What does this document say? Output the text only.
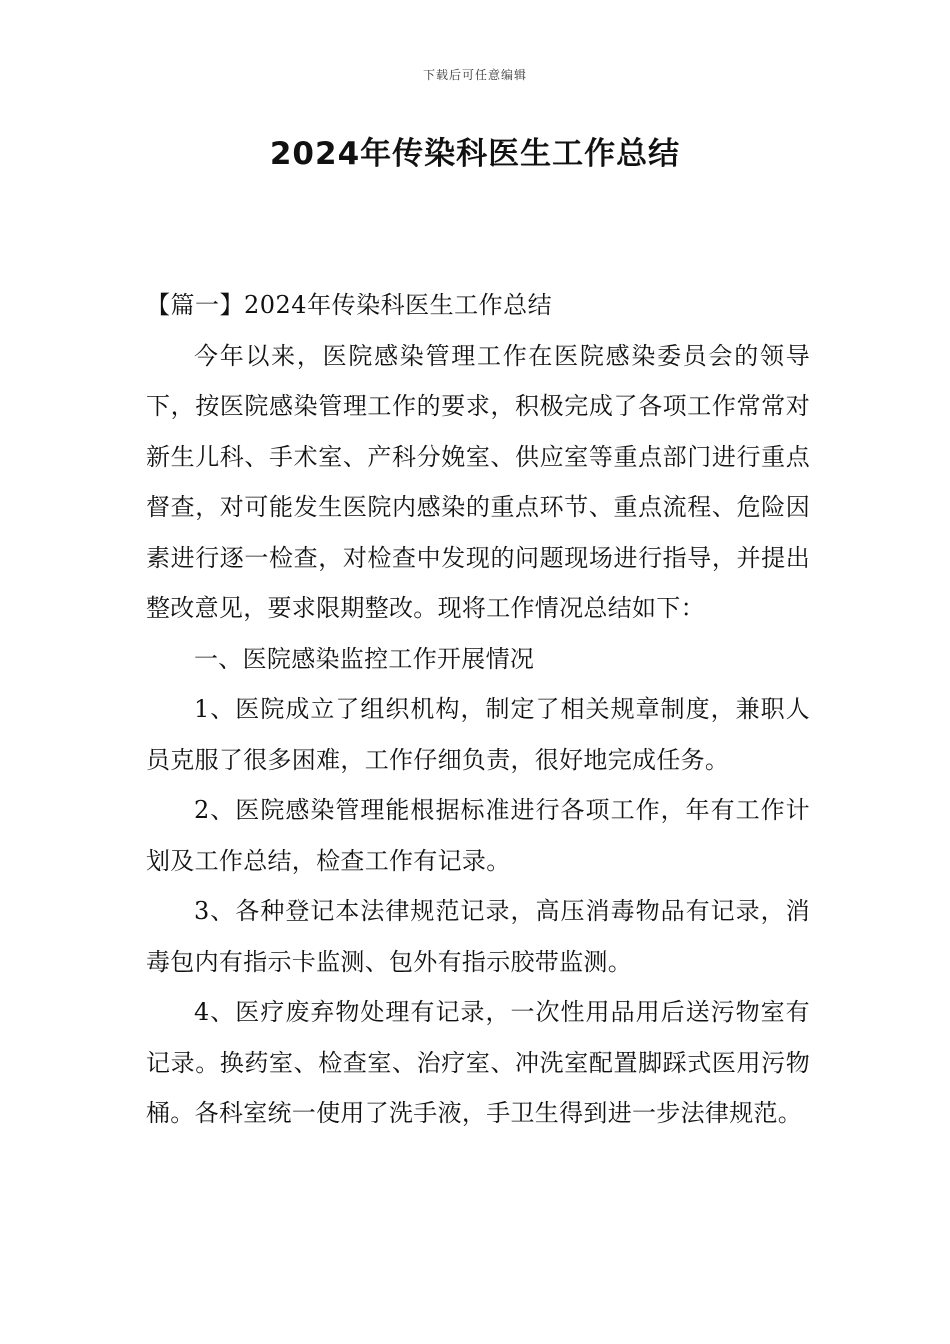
下载后可任意编辑
2024年传染科医生工作总结

【篇一】2024年传染科医生工作总结

今年以来，医院感染管理工作在医院感染委员会的领导下，按医院感染管理工作的要求，积极完成了各项工作常常对新生儿科、手术室、产科分娩室、供应室等重点部门进行重点督查，对可能发生医院内感染的重点环节、重点流程、危险因素进行逐一检查，对检查中发现的问题现场进行指导，并提出整改意见，要求限期整改。现将工作情况总结如下：

一、医院感染监控工作开展情况

1、医院成立了组织机构，制定了相关规章制度，兼职人员克服了很多困难，工作仔细负责，很好地完成任务。

2、医院感染管理能根据标准进行各项工作，年有工作计划及工作总结，检查工作有记录。

3、各种登记本法律规范记录，高压消毒物品有记录，消毒包内有指示卡监测、包外有指示胶带监测。

4、医疗废弃物处理有记录，一次性用品用后送污物室有记录。换药室、检查室、治疗室、冲洗室配置脚踩式医用污物桶。各科室统一使用了洗手液，手卫生得到进一步法律规范。
